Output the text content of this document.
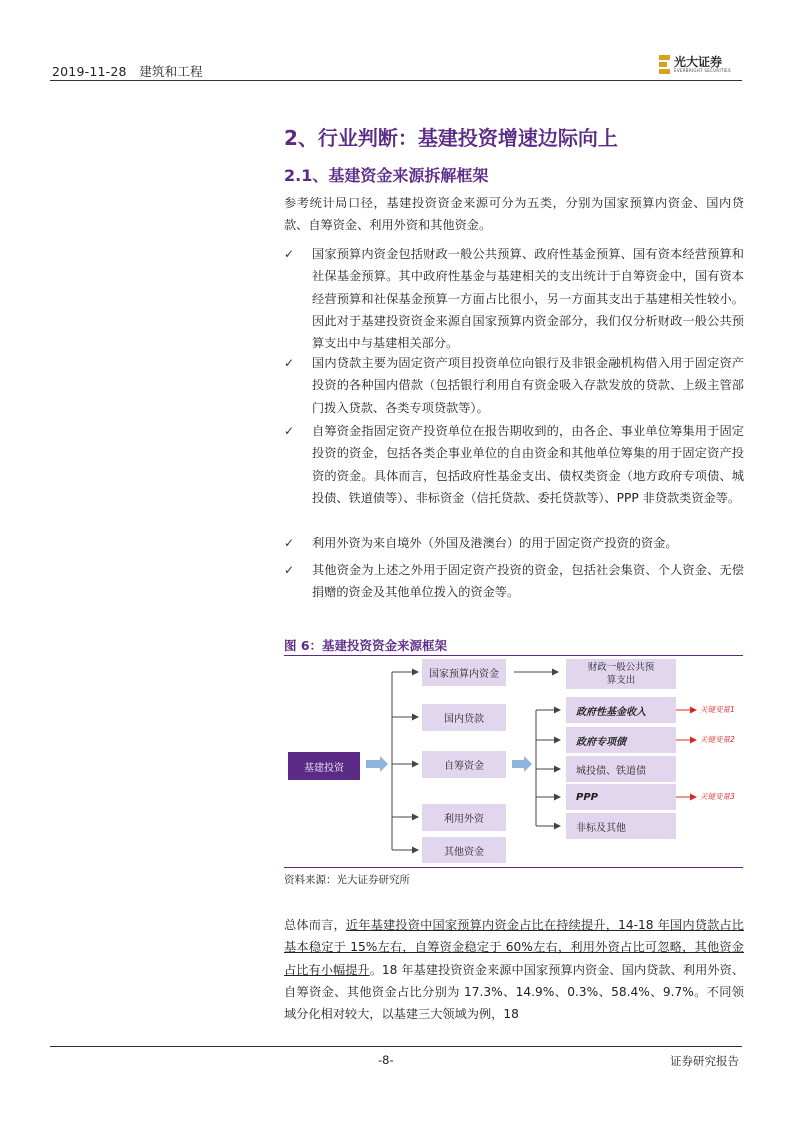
2019-11-28 建筑和工程
光大证券
EVERBRIGHT SECURITIES
2、行业判断：基建投资增速边际向上
2.1、基建资金来源拆解框架
参考统计局口径，基建投资资金来源可分为五类，分别为国家预算内资金、国内贷款、自筹资金、利用外资和其他资金。
✓ 国家预算内资金包括财政一般公共预算、政府性基金预算、国有资本经营预算和社保基金预算。其中政府性基金与基建相关的支出统计于自筹资金中，国有资本经营预算和社保基金预算一方面占比很小，另一方面其支出于基建相关性较小。因此对于基建投资资金来源自国家预算内资金部分，我们仅分析财政一般公共预算支出中与基建相关部分。
✓ 国内贷款主要为固定资产项目投资单位向银行及非银金融机构借入用于固定资产投资的各种国内借款（包括银行利用自有资金吸入存款发放的贷款、上级主管部门拨入贷款、各类专项贷款等）。
✓ 自筹资金指固定资产投资单位在报告期收到的，由各企、事业单位筹集用于固定投资的资金，包括各类企事业单位的自由资金和其他单位筹集的用于固定资产投资的资金。具体而言，包括政府性基金支出、债权类资金（地方政府专项债、城投债、铁道债等）、非标资金（信托贷款、委托贷款等）、PPP 非贷款类资金等。
✓ 利用外资为来自境外（外国及港澳台）的用于固定资产投资的资金。
✓ 其他资金为上述之外用于固定资产投资的资金，包括社会集资、个人资金、无偿捐赠的资金及其他单位拨入的资金等。
图 6：基建投资资金来源框架
基建投资
国家预算内资金
国内贷款
自筹资金
利用外资
其他资金
财政一般公共预算支出
政府性基金收入
政府专项债
城投债、铁道债
PPP
非标及其他
关键变量1
关键变量2
关键变量3
资料来源：光大证券研究所
总体而言，近年基建投资中国家预算内资金占比在持续提升，14-18 年国内贷款占比基本稳定于 15%左右，自筹资金稳定于 60%左右，利用外资占比可忽略，其他资金占比有小幅提升。18 年基建投资资金来源中国家预算内资金、国内贷款、利用外资、自筹资金、其他资金占比分别为 17.3%、14.9%、0.3%、58.4%、9.7%。不同领域分化相对较大，以基建三大领域为例，18
-8-	证券研究报告
